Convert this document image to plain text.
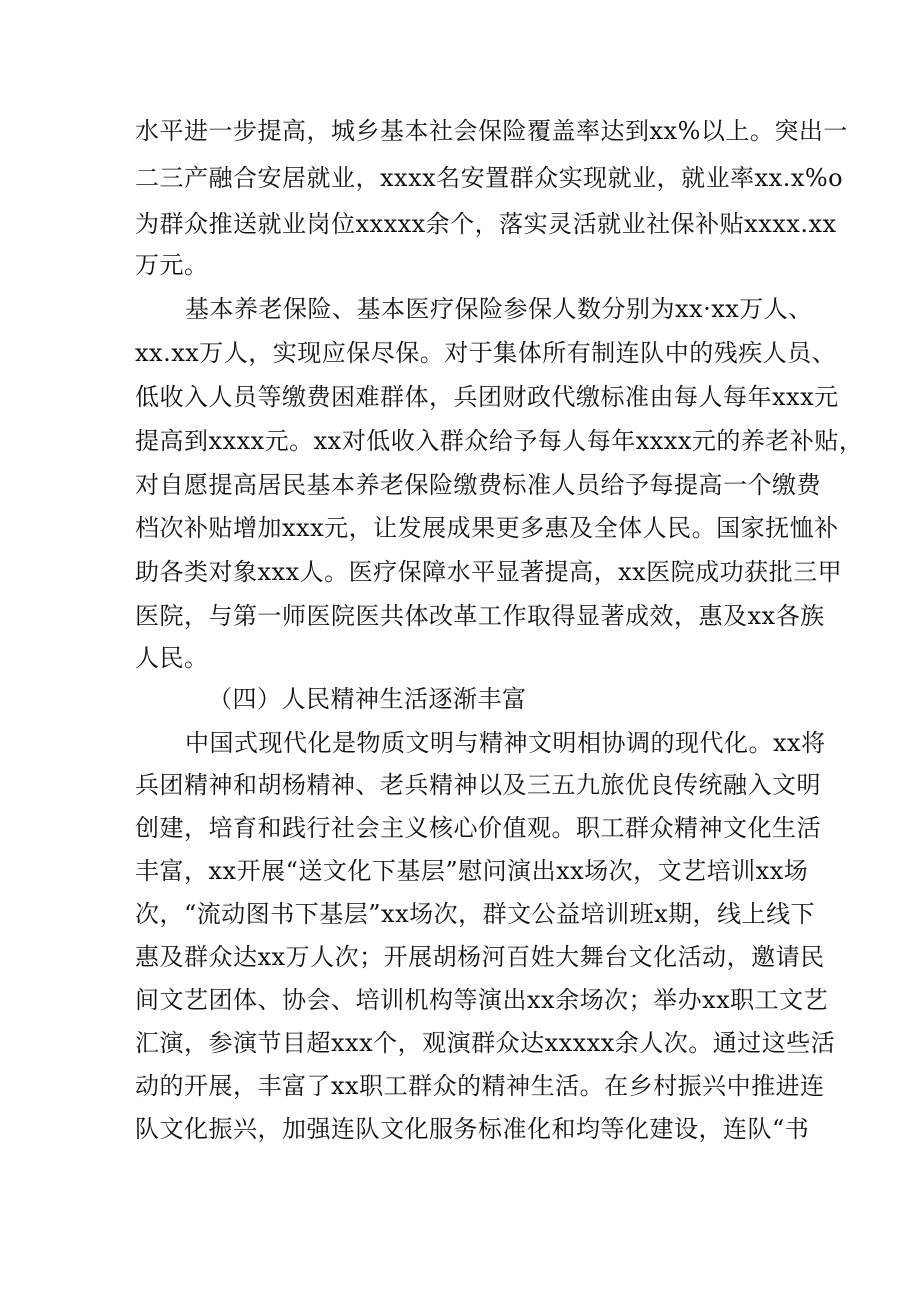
水平进一步提高，城乡基本社会保险覆盖率达到xx%以上。突出一
二三产融合安居就业，xxxx名安置群众实现就业，就业率xx.x%o
为群众推送就业岗位xxxxx余个，落实灵活就业社保补贴xxxx.xx
万元。
基本养老保险、基本医疗保险参保人数分别为xx·xx万人、
xx.xx万人，实现应保尽保。对于集体所有制连队中的残疾人员、
低收入人员等缴费困难群体，兵团财政代缴标准由每人每年xxx元
提高到xxxx元。xx对低收入群众给予每人每年xxxx元的养老补贴，
对自愿提高居民基本养老保险缴费标准人员给予每提高一个缴费
档次补贴增加xxx元，让发展成果更多惠及全体人民。国家抚恤补
助各类对象xxx人。医疗保障水平显著提高，xx医院成功获批三甲
医院，与第一师医院医共体改革工作取得显著成效，惠及xx各族
人民。
（四）人民精神生活逐渐丰富
中国式现代化是物质文明与精神文明相协调的现代化。xx将
兵团精神和胡杨精神、老兵精神以及三五九旅优良传统融入文明
创建，培育和践行社会主义核心价值观。职工群众精神文化生活
丰富，xx开展“送文化下基层”慰问演出xx场次，文艺培训xx场
次，“流动图书下基层”xx场次，群文公益培训班x期，线上线下
惠及群众达xx万人次；开展胡杨河百姓大舞台文化活动，邀请民
间文艺团体、协会、培训机构等演出xx余场次；举办xx职工文艺
汇演，参演节目超xxx个，观演群众达xxxxx余人次。通过这些活
动的开展，丰富了xx职工群众的精神生活。在乡村振兴中推进连
队文化振兴，加强连队文化服务标准化和均等化建设，连队“书
